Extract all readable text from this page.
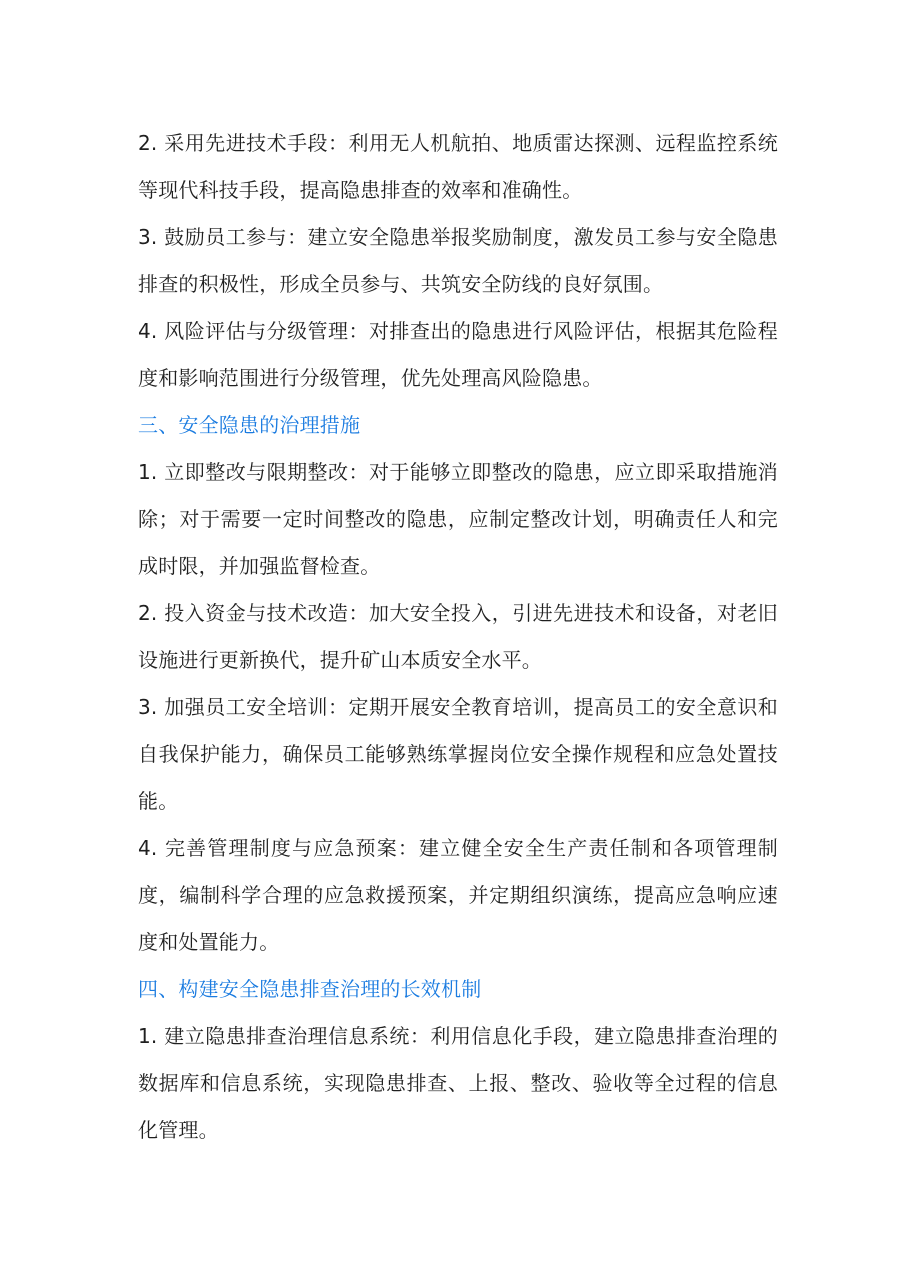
2. 采用先进技术手段：利用无人机航拍、地质雷达探测、远程监控系统等现代科技手段，提高隐患排查的效率和准确性。

3. 鼓励员工参与：建立安全隐患举报奖励制度，激发员工参与安全隐患排查的积极性，形成全员参与、共筑安全防线的良好氛围。

4. 风险评估与分级管理：对排查出的隐患进行风险评估，根据其危险程度和影响范围进行分级管理，优先处理高风险隐患。

三、安全隐患的治理措施

1. 立即整改与限期整改：对于能够立即整改的隐患，应立即采取措施消除；对于需要一定时间整改的隐患，应制定整改计划，明确责任人和完成时限，并加强监督检查。

2. 投入资金与技术改造：加大安全投入，引进先进技术和设备，对老旧设施进行更新换代，提升矿山本质安全水平。

3. 加强员工安全培训：定期开展安全教育培训，提高员工的安全意识和自我保护能力，确保员工能够熟练掌握岗位安全操作规程和应急处置技能。

4. 完善管理制度与应急预案：建立健全安全生产责任制和各项管理制度，编制科学合理的应急救援预案，并定期组织演练，提高应急响应速度和处置能力。

四、构建安全隐患排查治理的长效机制

1. 建立隐患排查治理信息系统：利用信息化手段，建立隐患排查治理的数据库和信息系统，实现隐患排查、上报、整改、验收等全过程的信息化管理。
